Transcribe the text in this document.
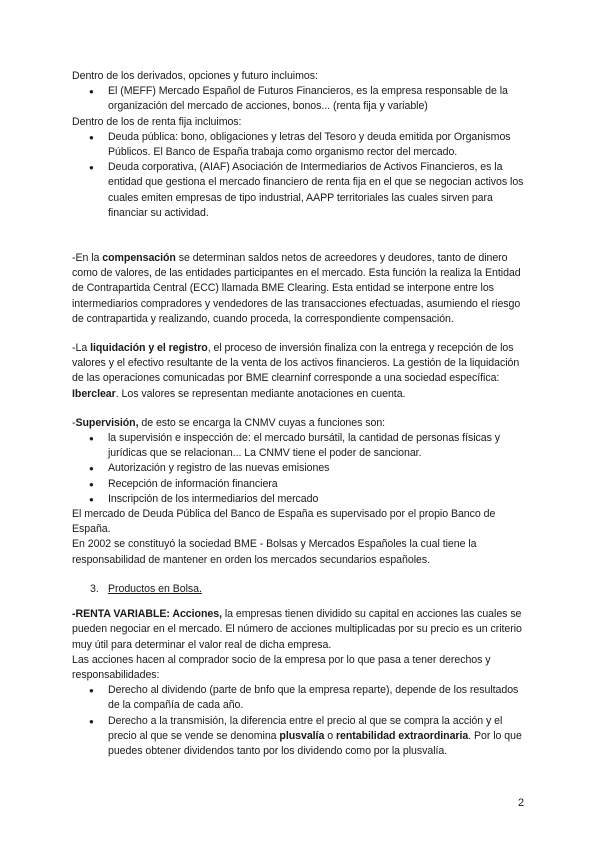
Dentro de los derivados, opciones y futuro incluimos:

● El (MEFF) Mercado Español de Futuros Financieros, es la empresa responsable de la organización del mercado de acciones, bonos... (renta fija y variable)

Dentro de los de renta fija incluimos:

● Deuda pública: bono, obligaciones y letras del Tesoro y deuda emitida por Organismos Públicos. El Banco de España trabaja como organismo rector del mercado.
● Deuda corporativa, (AIAF) Asociación de Intermediarios de Activos Financieros, es la entidad que gestiona el mercado financiero de renta fija en el que se negocian activos los cuales emiten empresas de tipo industrial, AAPP territoriales las cuales sirven para financiar su actividad.

-En la compensación se determinan saldos netos de acreedores y deudores, tanto de dinero como de valores, de las entidades participantes en el mercado. Esta función la realiza la Entidad de Contrapartida Central (ECC) llamada BME Clearing. Esta entidad se interpone entre los intermediarios compradores y vendedores de las transacciones efectuadas, asumiendo el riesgo de contrapartida y realizando, cuando proceda, la correspondiente compensación.

-La liquidación y el registro, el proceso de inversión finaliza con la entrega y recepción de los valores y el efectivo resultante de la venta de los activos financieros. La gestión de la liquidación de las operaciones comunicadas por BME clearninf corresponde a una sociedad específica: Iberclear. Los valores se representan mediante anotaciones en cuenta.

-Supervisión, de esto se encarga la CNMV cuyas a funciones son:

● la supervisión e inspección de: el mercado bursátil, la cantidad de personas físicas y jurídicas que se relacionan... La CNMV tiene el poder de sancionar.
● Autorización y registro de las nuevas emisiones
● Recepción de información financiera
● Inscripción de los intermediarios del mercado

El mercado de Deuda Pública del Banco de España es supervisado por el propio Banco de España.

En 2002 se constituyó la sociedad BME - Bolsas y Mercados Españoles la cual tiene la responsabilidad de mantener en orden los mercados secundarios españoles.

3. Productos en Bolsa.

-RENTA VARIABLE: Acciones, la empresas tienen dividido su capital en acciones las cuales se pueden negociar en el mercado. El número de acciones multiplicadas por su precio es un criterio muy útil para determinar el valor real de dicha empresa.

Las acciones hacen al comprador socio de la empresa por lo que pasa a tener derechos y responsabilidades:

● Derecho al dividendo (parte de bnfo que la empresa reparte), depende de los resultados de la compañía de cada año.
● Derecho a la transmisión, la diferencia entre el precio al que se compra la acción y el precio al que se vende se denomina plusvalía o rentabilidad extraordinaria. Por lo que puedes obtener dividendos tanto por los dividendo como por la plusvalía.
2
